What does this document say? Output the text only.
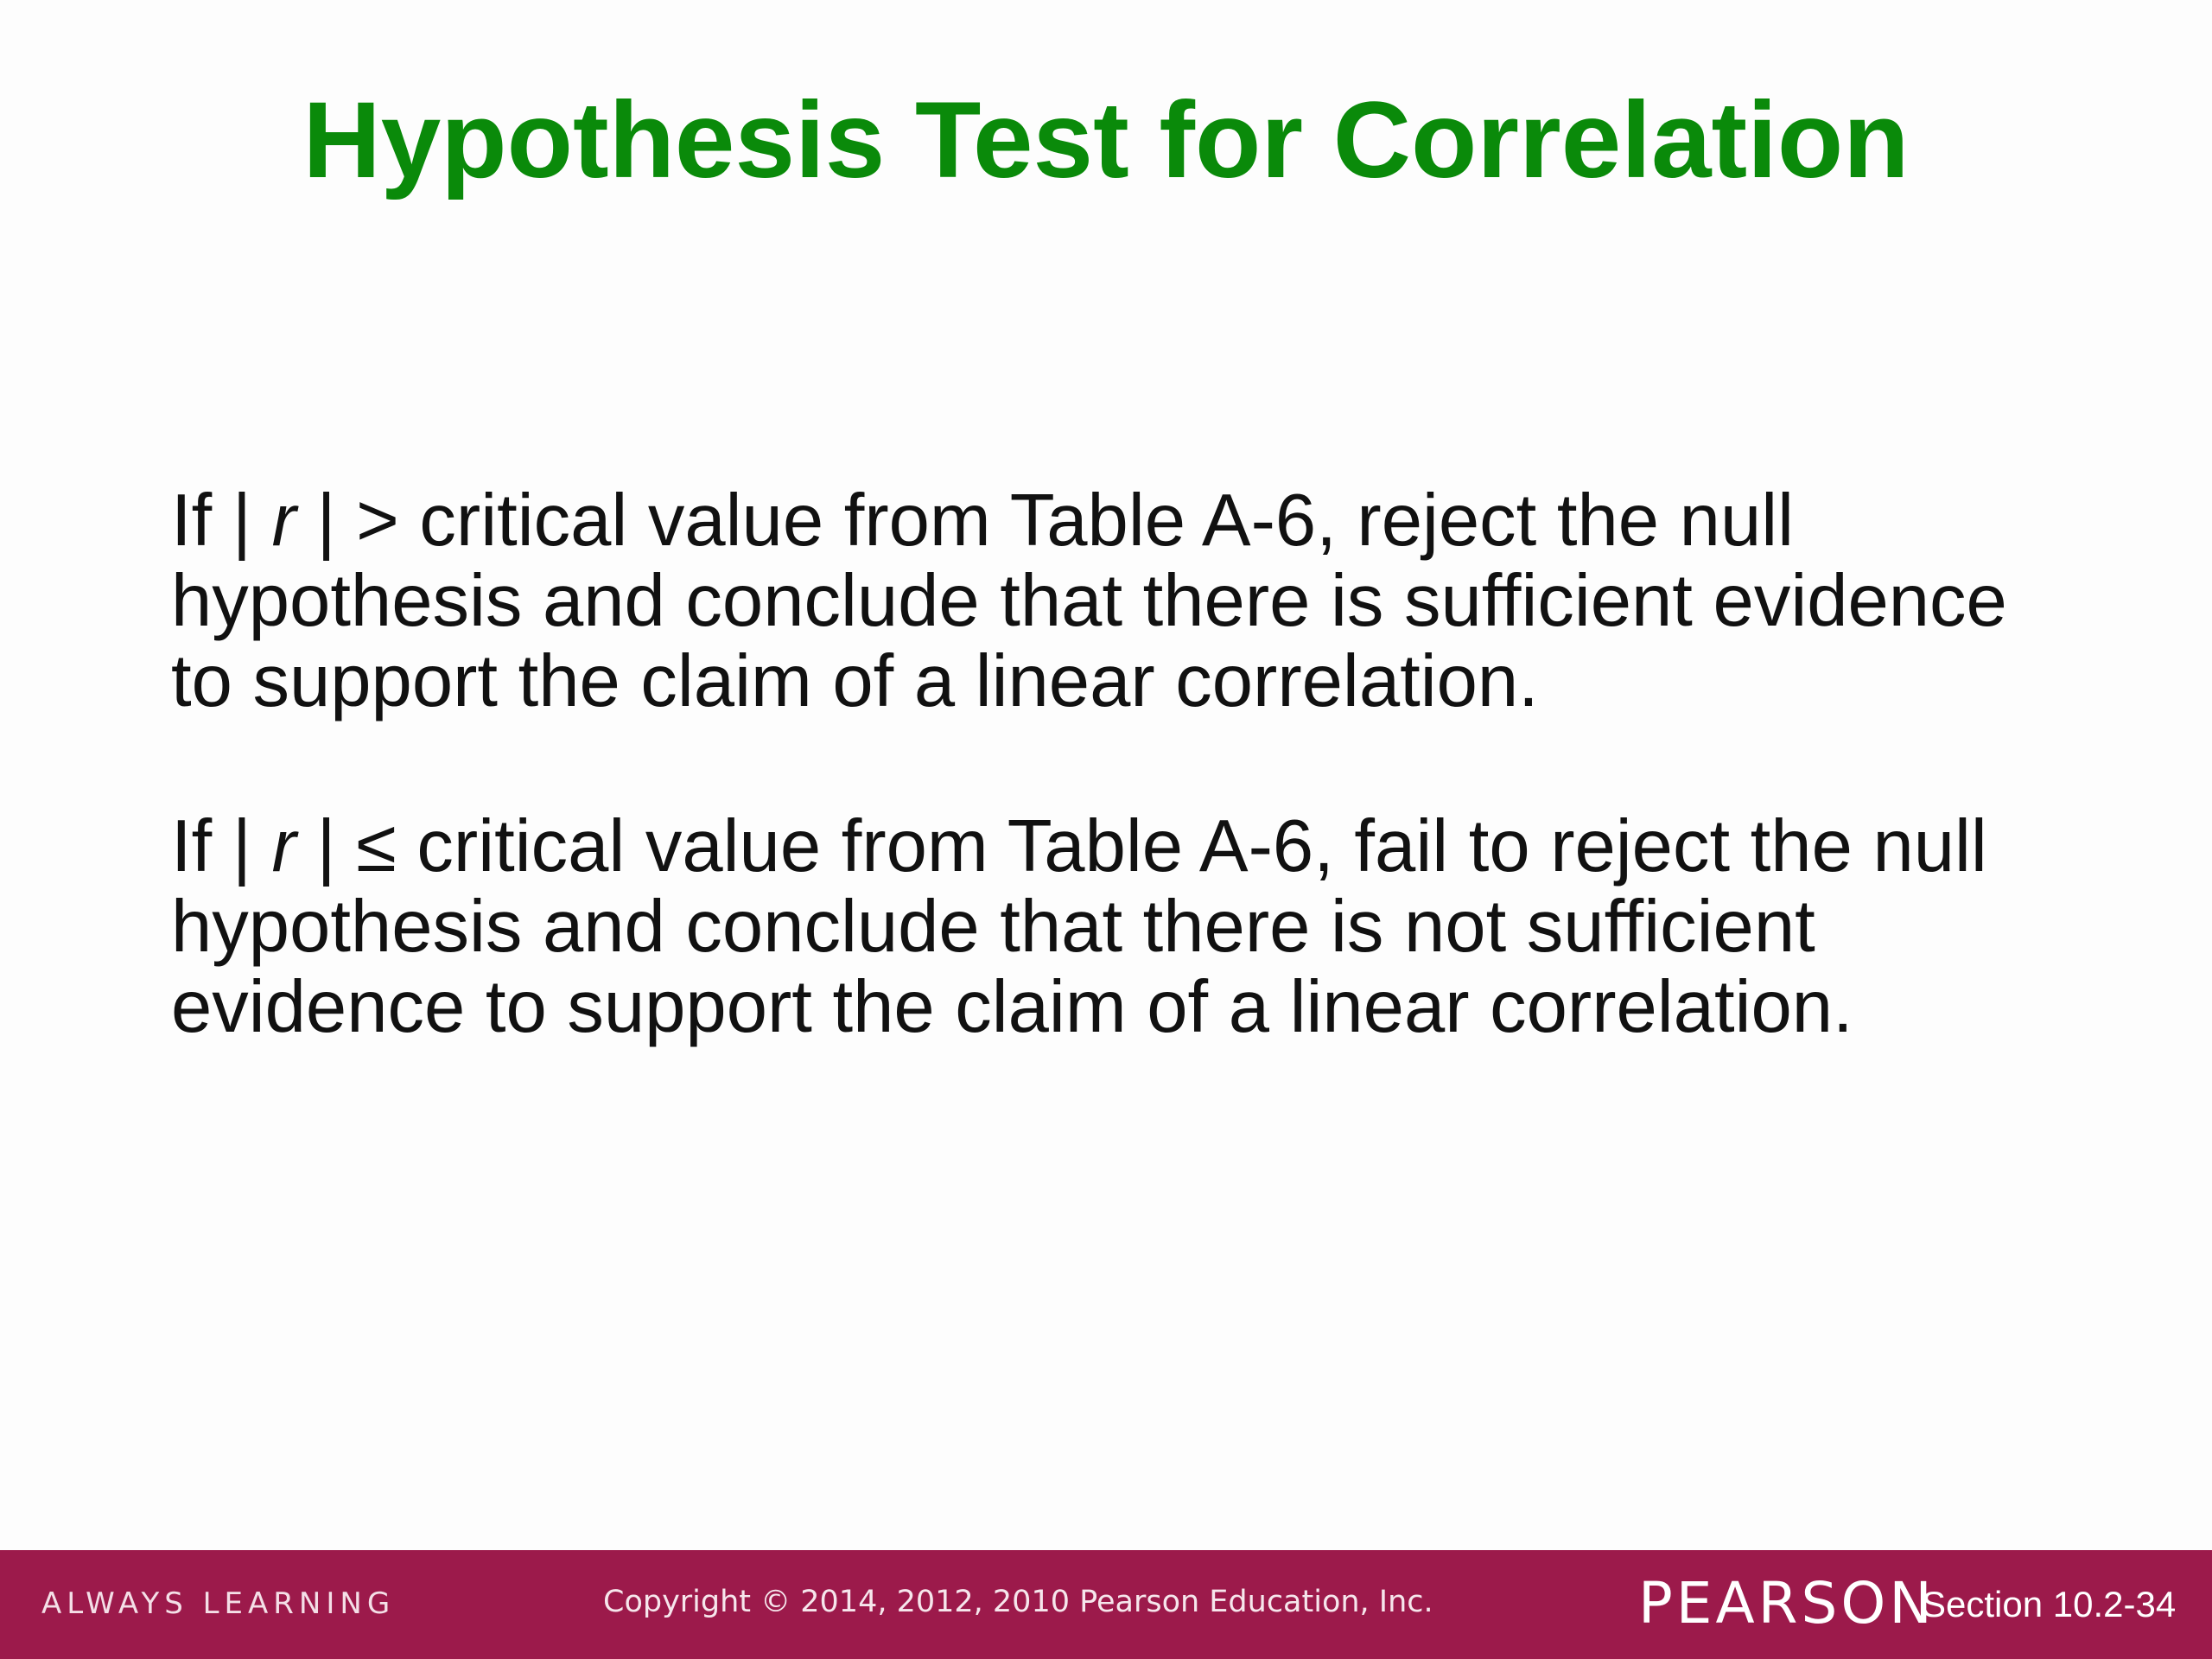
Hypothesis Test for Correlation
If | r | > critical value from Table A-6, reject the null
hypothesis and conclude that there is sufficient evidence
to support the claim of a linear correlation.
If | r | ≤ critical value from Table A-6, fail to reject the null
hypothesis and conclude that there is not sufficient
evidence to support the claim of a linear correlation.
ALWAYS LEARNING	Copyright © 2014, 2012, 2010 Pearson Education, Inc.	PEARSON
Section 10.2-34
